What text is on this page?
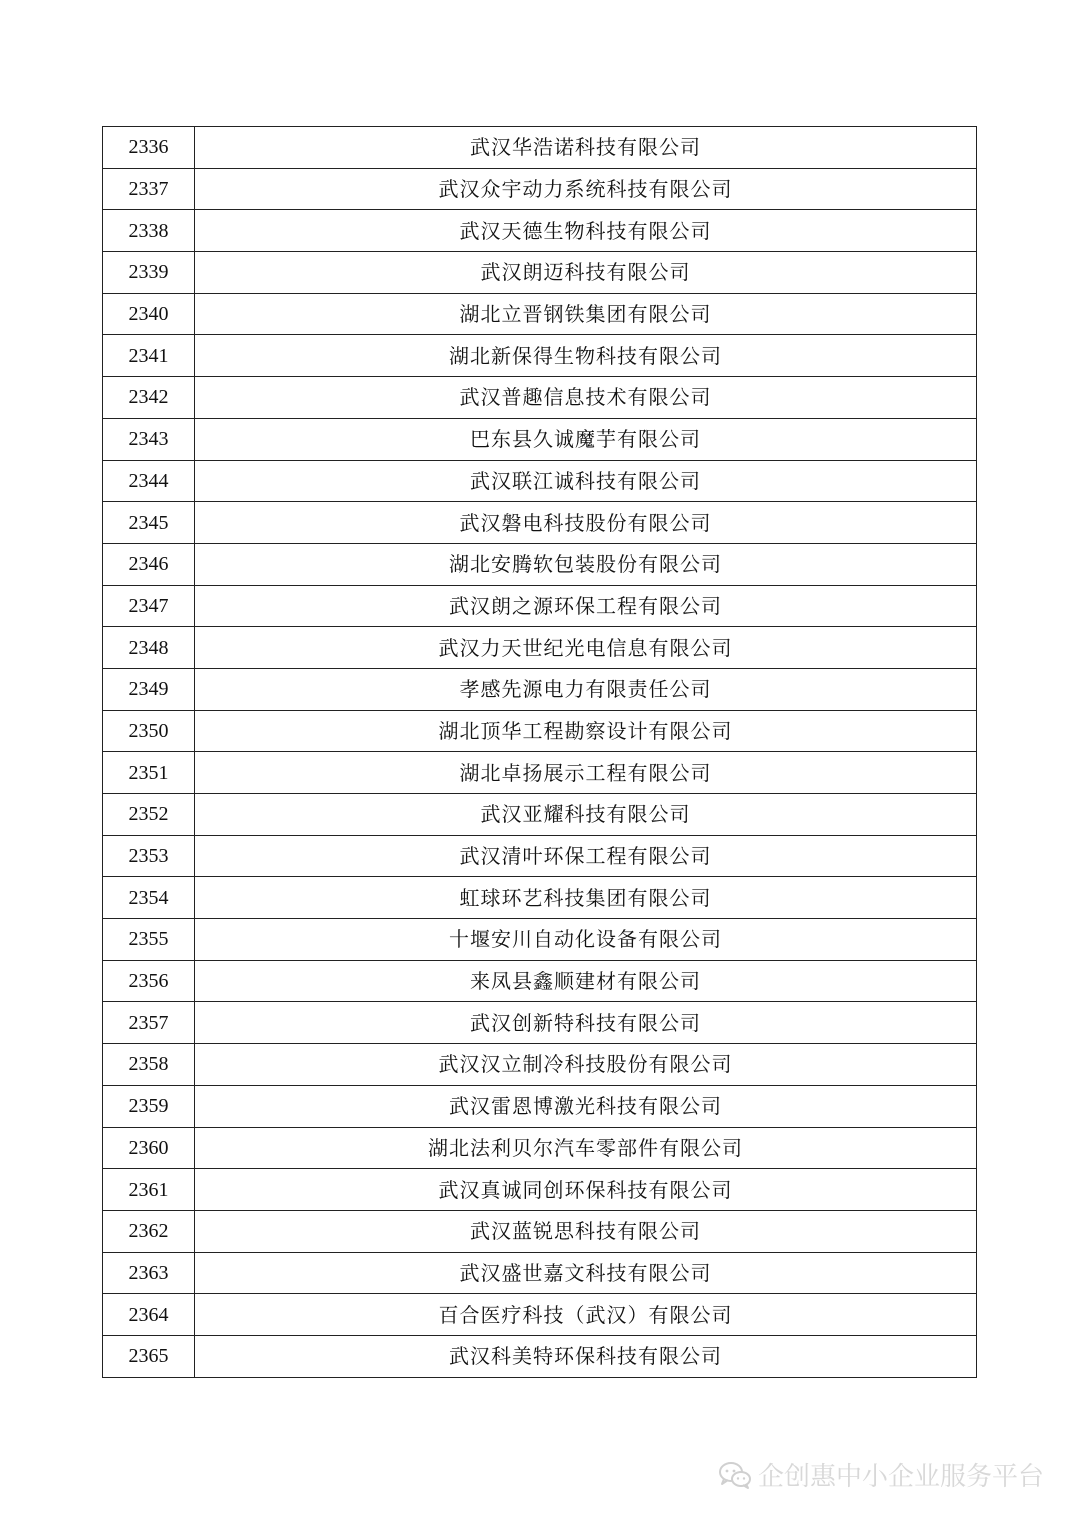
2336	武汉华浩诺科技有限公司
2337	武汉众宇动力系统科技有限公司
2338	武汉天德生物科技有限公司
2339	武汉朗迈科技有限公司
2340	湖北立晋钢铁集团有限公司
2341	湖北新保得生物科技有限公司
2342	武汉普趣信息技术有限公司
2343	巴东县久诚魔芋有限公司
2344	武汉联江诚科技有限公司
2345	武汉磐电科技股份有限公司
2346	湖北安腾软包装股份有限公司
2347	武汉朗之源环保工程有限公司
2348	武汉力天世纪光电信息有限公司
2349	孝感先源电力有限责任公司
2350	湖北顶华工程勘察设计有限公司
2351	湖北卓扬展示工程有限公司
2352	武汉亚耀科技有限公司
2353	武汉清叶环保工程有限公司
2354	虹球环艺科技集团有限公司
2355	十堰安川自动化设备有限公司
2356	来凤县鑫顺建材有限公司
2357	武汉创新特科技有限公司
2358	武汉汉立制冷科技股份有限公司
2359	武汉雷恩博激光科技有限公司
2360	湖北法利贝尔汽车零部件有限公司
2361	武汉真诚同创环保科技有限公司
2362	武汉蓝锐思科技有限公司
2363	武汉盛世嘉文科技有限公司
2364	百合医疗科技（武汉）有限公司
2365	武汉科美特环保科技有限公司
企创惠中小企业服务平台
